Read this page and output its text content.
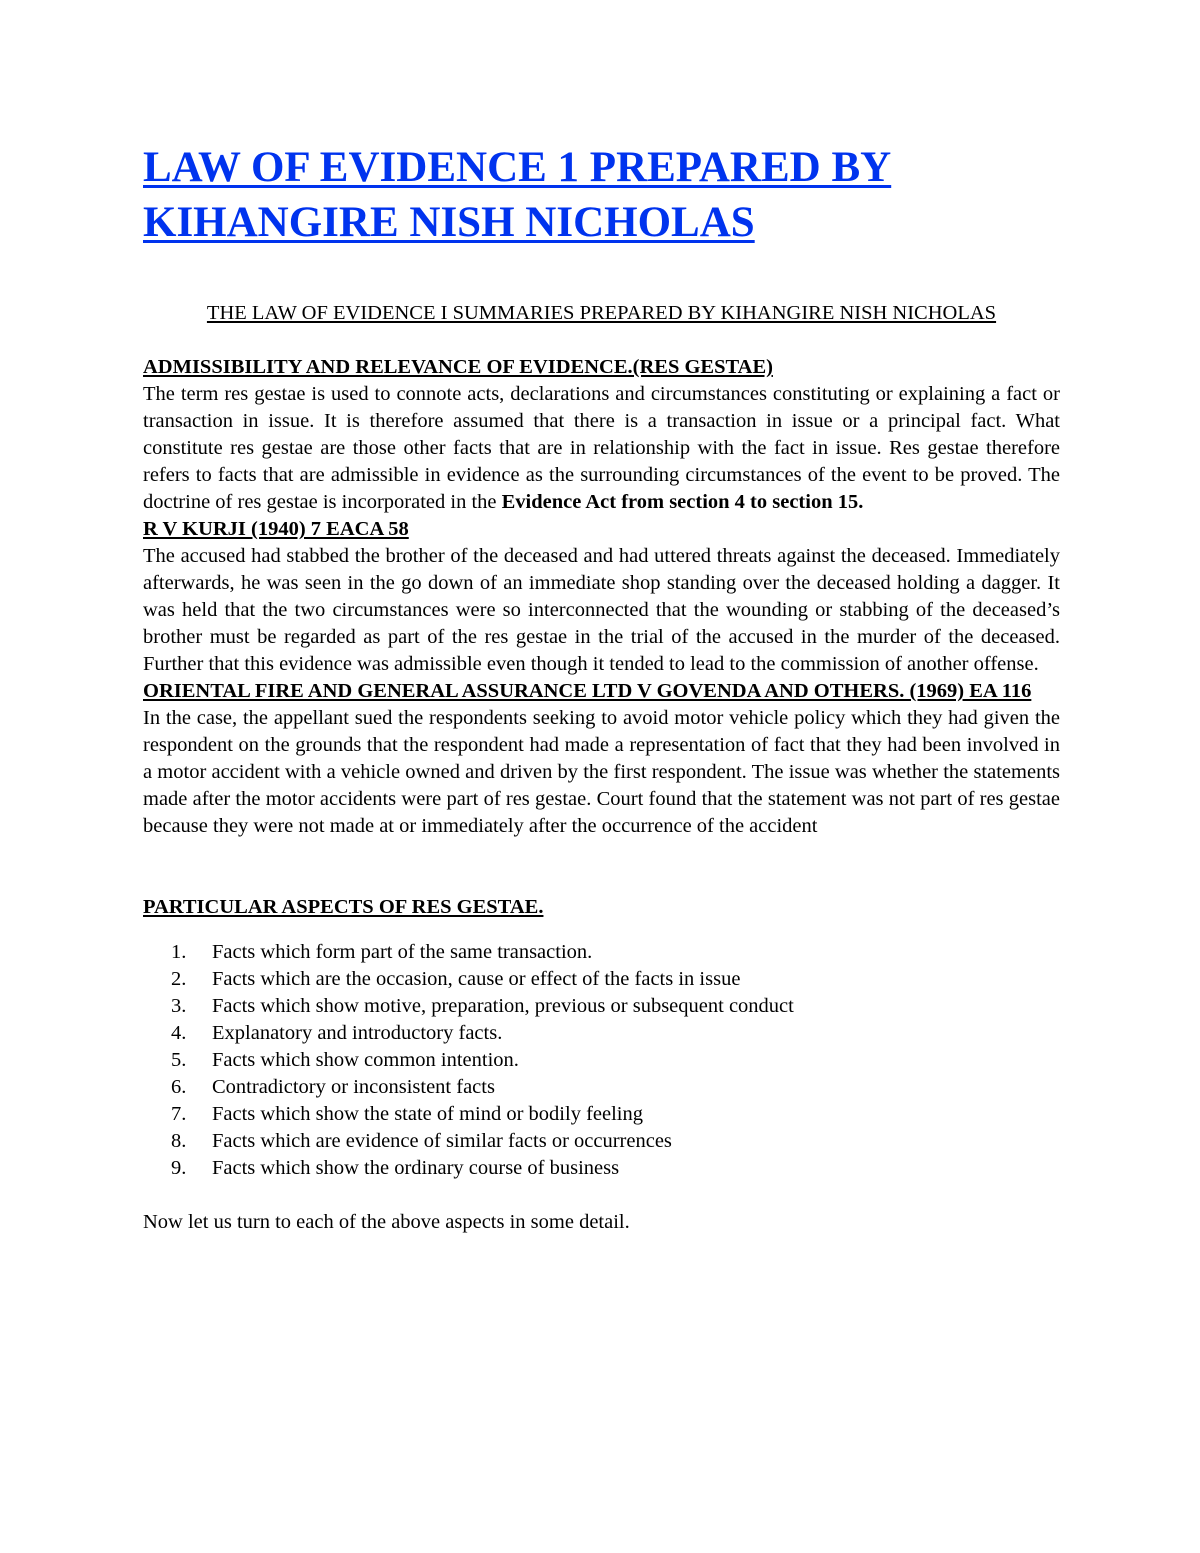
LAW OF EVIDENCE 1 PREPARED BY KIHANGIRE NISH NICHOLAS

THE LAW OF EVIDENCE I SUMMARIES PREPARED BY KIHANGIRE NISH NICHOLAS

ADMISSIBILITY AND RELEVANCE OF EVIDENCE.(RES GESTAE)

The term res gestae is used to connote acts, declarations and circumstances constituting or explaining a fact or transaction in issue. It is therefore assumed that there is a transaction in issue or a principal fact. What constitute res gestae are those other facts that are in relationship with the fact in issue. Res gestae therefore refers to facts that are admissible in evidence as the surrounding circumstances of the event to be proved. The doctrine of res gestae is incorporated in the Evidence Act from section 4 to section 15.

R V KURJI (1940) 7 EACA 58

The accused had stabbed the brother of the deceased and had uttered threats against the deceased. Immediately afterwards, he was seen in the go down of an immediate shop standing over the deceased holding a dagger. It was held that the two circumstances were so interconnected that the wounding or stabbing of the deceased’s brother must be regarded as part of the res gestae in the trial of the accused in the murder of the deceased. Further that this evidence was admissible even though it tended to lead to the commission of another offense.

ORIENTAL FIRE AND GENERAL ASSURANCE LTD V GOVENDA AND OTHERS. (1969) EA 116

In the case, the appellant sued the respondents seeking to avoid motor vehicle policy which they had given the respondent on the grounds that the respondent had made a representation of fact that they had been involved in a motor accident with a vehicle owned and driven by the first respondent. The issue was whether the statements made after the motor accidents were part of res gestae. Court found that the statement was not part of res gestae because they were not made at or immediately after the occurrence of the accident

PARTICULAR ASPECTS OF RES GESTAE.

1.	Facts which form part of the same transaction.
2.	Facts which are the occasion, cause or effect of the facts in issue
3.	Facts which show motive, preparation, previous or subsequent conduct
4.	Explanatory and introductory facts.
5.	Facts which show common intention.
6.	Contradictory or inconsistent facts
7.	Facts which show the state of mind or bodily feeling
8.	Facts which are evidence of similar facts or occurrences
9.	Facts which show the ordinary course of business

Now let us turn to each of the above aspects in some detail.
